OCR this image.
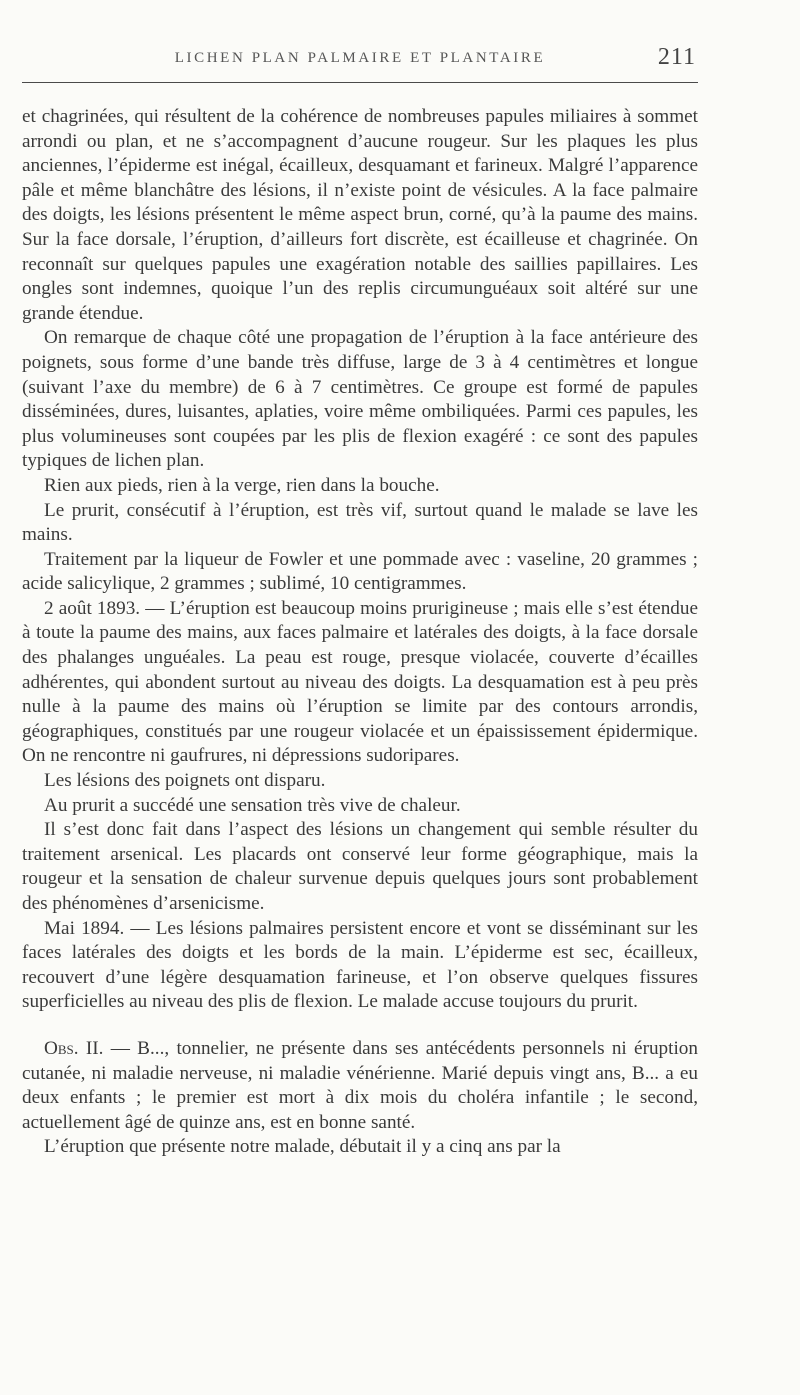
LICHEN PLAN PALMAIRE ET PLANTAIRE	211

et chagrinées, qui résultent de la cohérence de nombreuses papules miliaires à sommet arrondi ou plan, et ne s’accompagnent d’aucune rougeur. Sur les plaques les plus anciennes, l’épiderme est inégal, écailleux, desquamant et farineux. Malgré l’apparence pâle et même blanchâtre des lésions, il n’existe point de vésicules. A la face palmaire des doigts, les lésions présentent le même aspect brun, corné, qu’à la paume des mains. Sur la face dorsale, l’éruption, d’ailleurs fort discrète, est écailleuse et chagrinée. On reconnaît sur quelques papules une exagération notable des saillies papillaires. Les ongles sont indemnes, quoique l’un des replis circumunguéaux soit altéré sur une grande étendue.

On remarque de chaque côté une propagation de l’éruption à la face antérieure des poignets, sous forme d’une bande très diffuse, large de 3 à 4 centimètres et longue (suivant l’axe du membre) de 6 à 7 centimètres. Ce groupe est formé de papules disséminées, dures, luisantes, aplaties, voire même ombiliquées. Parmi ces papules, les plus volumineuses sont coupées par les plis de flexion exagéré : ce sont des papules typiques de lichen plan.

Rien aux pieds, rien à la verge, rien dans la bouche.

Le prurit, consécutif à l’éruption, est très vif, surtout quand le malade se lave les mains.

Traitement par la liqueur de Fowler et une pommade avec : vaseline, 20 grammes ; acide salicylique, 2 grammes ; sublimé, 10 centigrammes.

2 août 1893. — L’éruption est beaucoup moins prurigineuse ; mais elle s’est étendue à toute la paume des mains, aux faces palmaire et latérales des doigts, à la face dorsale des phalanges unguéales. La peau est rouge, presque violacée, couverte d’écailles adhérentes, qui abondent surtout au niveau des doigts. La desquamation est à peu près nulle à la paume des mains où l’éruption se limite par des contours arrondis, géographiques, constitués par une rougeur violacée et un épaississement épidermique. On ne rencontre ni gaufrures, ni dépressions sudoripares.

Les lésions des poignets ont disparu.

Au prurit a succédé une sensation très vive de chaleur.

Il s’est donc fait dans l’aspect des lésions un changement qui semble résulter du traitement arsenical. Les placards ont conservé leur forme géographique, mais la rougeur et la sensation de chaleur survenue depuis quelques jours sont probablement des phénomènes d’arsenicisme.

Mai 1894. — Les lésions palmaires persistent encore et vont se disséminant sur les faces latérales des doigts et les bords de la main. L’épiderme est sec, écailleux, recouvert d’une légère desquamation farineuse, et l’on observe quelques fissures superficielles au niveau des plis de flexion. Le malade accuse toujours du prurit.

Obs. II. — B..., tonnelier, ne présente dans ses antécédents personnels ni éruption cutanée, ni maladie nerveuse, ni maladie vénérienne. Marié depuis vingt ans, B... a eu deux enfants ; le premier est mort à dix mois du choléra infantile ; le second, actuellement âgé de quinze ans, est en bonne santé.

L’éruption que présente notre malade, débutait il y a cinq ans par la
